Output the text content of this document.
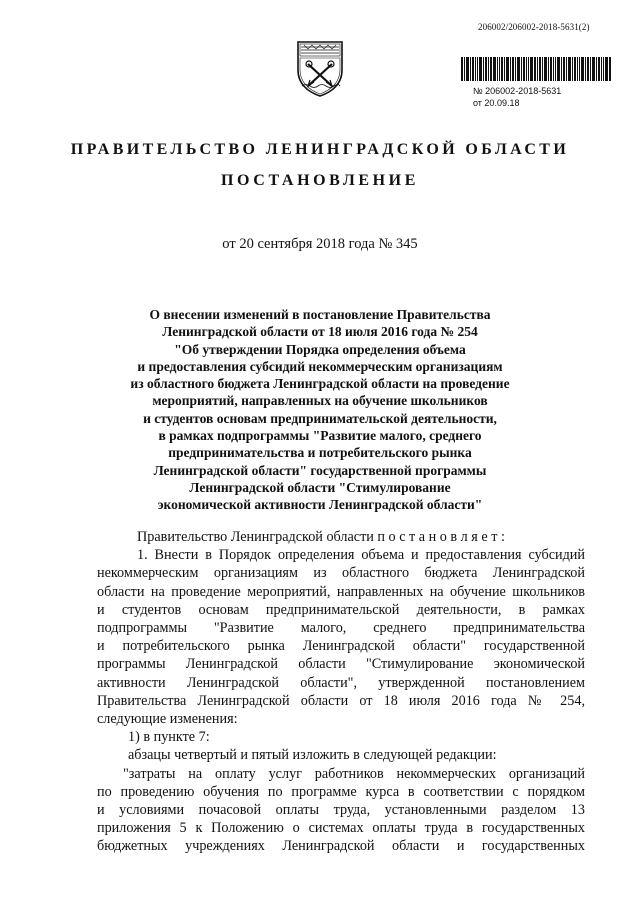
206002/206002-2018-5631(2)
№ 206002-2018-5631
от 20.09.18
ПРАВИТЕЛЬСТВО ЛЕНИНГРАДСКОЙ ОБЛАСТИ
ПОСТАНОВЛЕНИЕ
от 20 сентября 2018 года № 345
О внесении изменений в постановление Правительства
Ленинградской области от 18 июля 2016 года № 254
"Об утверждении Порядка определения объема
и предоставления субсидий некоммерческим организациям
из областного бюджета Ленинградской области на проведение
мероприятий, направленных на обучение школьников
и студентов основам предпринимательской деятельности,
в рамках подпрограммы "Развитие малого, среднего
предпринимательства и потребительского рынка
Ленинградской области" государственной программы
Ленинградской области "Стимулирование
экономической активности Ленинградской области"
Правительство Ленинградской области п о с т а н о в л я е т :
1. Внести в Порядок определения объема и предоставления субсидий
некоммерческим организациям из областного бюджета Ленинградской
области на проведение мероприятий, направленных на обучение школьников
и студентов основам предпринимательской деятельности, в рамках
подпрограммы "Развитие малого, среднего предпринимательства
и потребительского рынка Ленинградской области" государственной
программы Ленинградской области "Стимулирование экономической
активности Ленинградской области", утвержденной постановлением
Правительства Ленинградской области от 18 июля 2016 года № 254,
следующие изменения:
1) в пункте 7:
абзацы четвертый и пятый изложить в следующей редакции:
"затраты на оплату услуг работников некоммерческих организаций
по проведению обучения по программе курса в соответствии с порядком
и условиями почасовой оплаты труда, установленными разделом 13
приложения 5 к Положению о системах оплаты труда в государственных
бюджетных учреждениях Ленинградской области и государственных
